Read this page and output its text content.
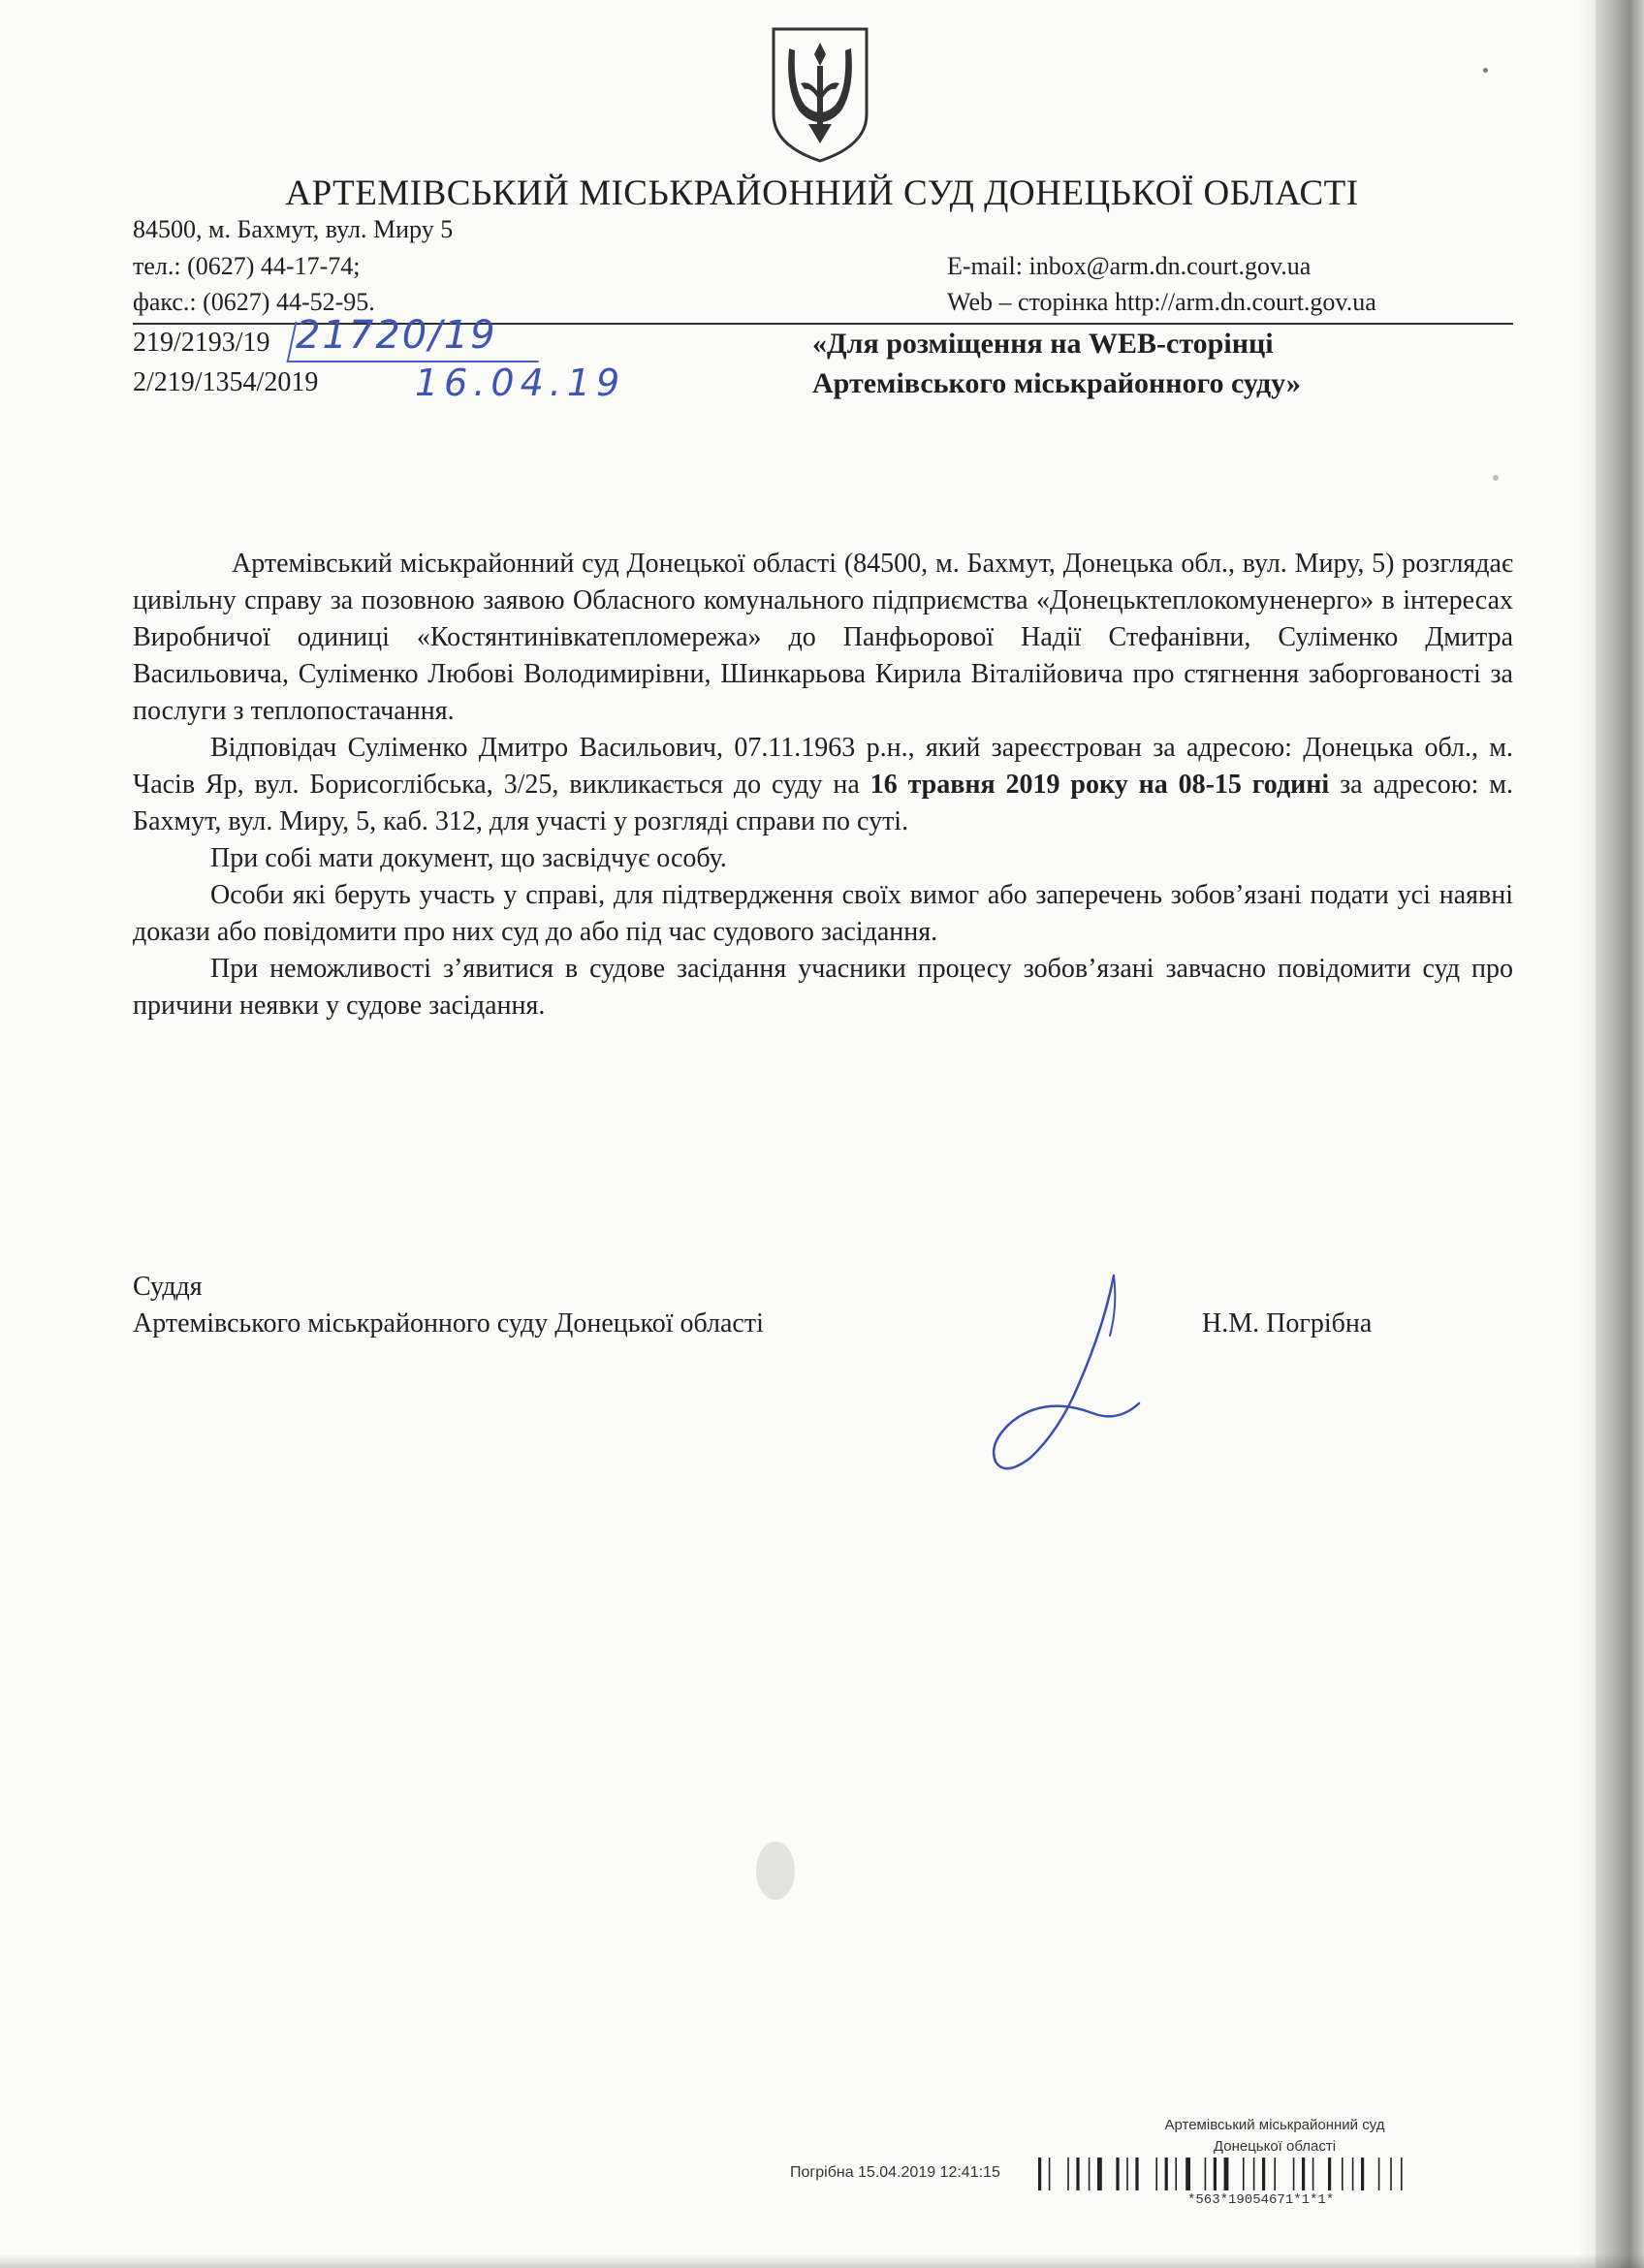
АРТЕМІВСЬКИЙ МІСЬКРАЙОННИЙ СУД ДОНЕЦЬКОЇ ОБЛАСТІ
84500, м. Бахмут, вул. Миру 5
тел.: (0627) 44-17-74;
факс.: (0627) 44-52-95.
E-mail: inbox@arm.dn.court.gov.ua
Web – сторінка http://arm.dn.court.gov.ua
219/2193/19
2/219/1354/2019
21720/19
16.04.19
«Для розміщення на WEB-сторінці
Артемівського міськрайонного суду»

Артемівський міськрайонний суд Донецької області (84500, м. Бахмут, Донецька обл., вул. Миру, 5) розглядає цивільну справу за позовною заявою Обласного комунального підприємства «Донецьктеплокомуненерго» в інтересах Виробничої одиниці «Костянтинівкатепломережа» до Панфьорової Надії Стефанівни, Суліменко Дмитра Васильовича, Суліменко Любові Володимирівни, Шинкарьова Кирила Віталійовича про стягнення заборгованості за послуги з теплопостачання.

Відповідач Суліменко Дмитро Васильович, 07.11.1963 р.н., який зареєстрован за адресою: Донецька обл., м. Часів Яр, вул. Борисоглібська, 3/25, викликається до суду на 16 травня 2019 року на 08-15 годині за адресою: м. Бахмут, вул. Миру, 5, каб. 312, для участі у розгляді справи по суті.

При собі мати документ, що засвідчує особу.

Особи які беруть участь у справі, для підтвердження своїх вимог або заперечень зобов’язані подати усі наявні докази або повідомити про них суд до або під час судового засідання.

При неможливості з’явитися в судове засідання учасники процесу зобов’язані завчасно повідомити суд про причини неявки у судове засідання.

Суддя
Артемівського міськрайонного суду Донецької області	Н.М. Погрібна
Артемівський міськрайонний суд
Донецької області
Погрібна 15.04.2019 12:41:15
*563*19054671*1*1*
